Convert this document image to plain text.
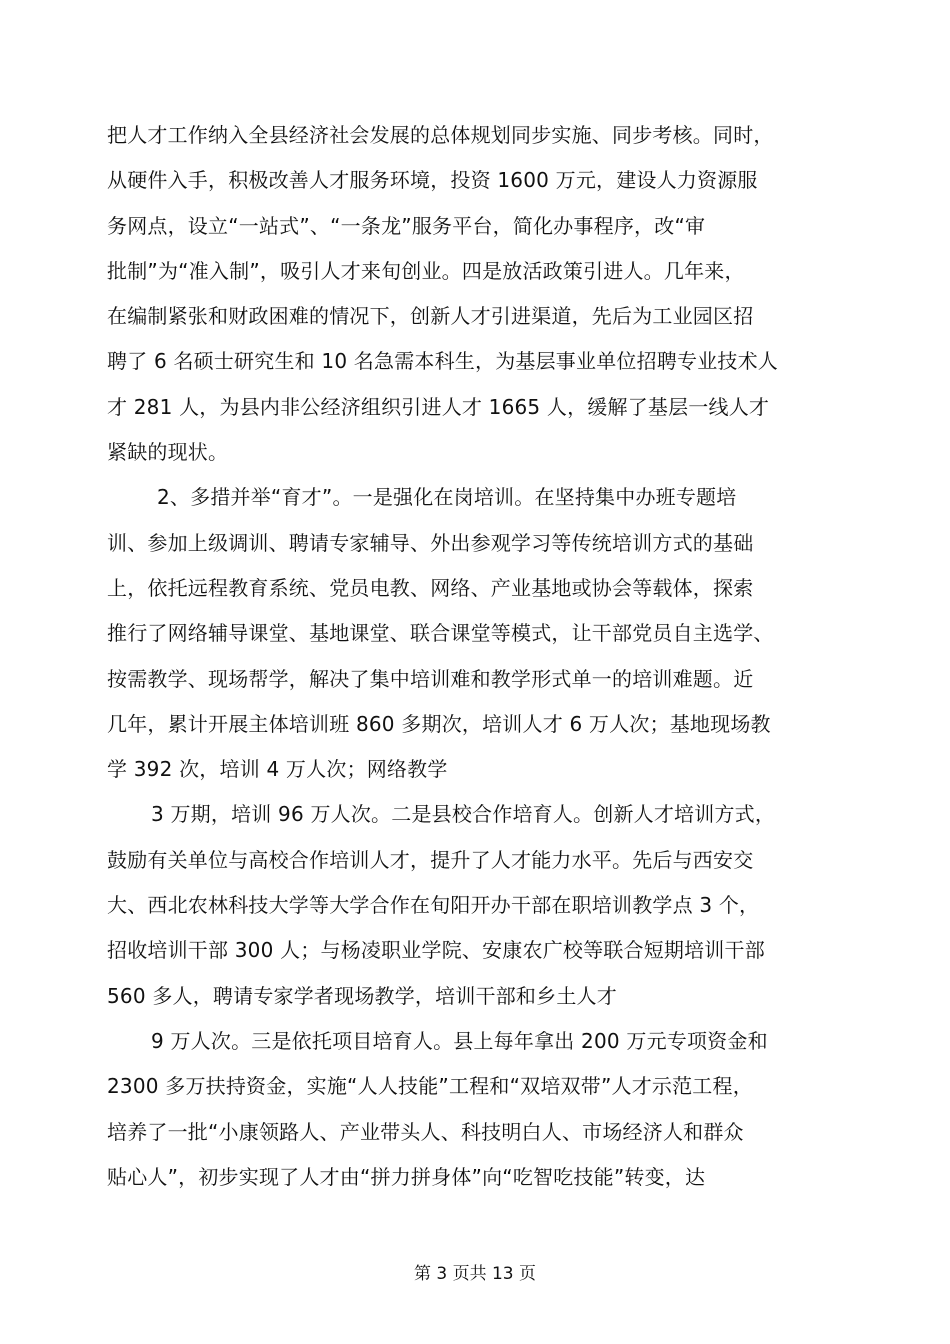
把人才工作纳入全县经济社会发展的总体规划同步实施、同步考核。同时，
从硬件入手，积极改善人才服务环境，投资 1600 万元，建设人力资源服
务网点，设立“一站式”、“一条龙”服务平台，简化办事程序，改“审
批制”为“准入制”，吸引人才来旬创业。四是放活政策引进人。几年来，
在编制紧张和财政困难的情况下，创新人才引进渠道，先后为工业园区招
聘了 6 名硕士研究生和 10 名急需本科生，为基层事业单位招聘专业技术人
才 281 人，为县内非公经济组织引进人才 1665 人，缓解了基层一线人才
紧缺的现状。
2、多措并举“育才”。一是强化在岗培训。在坚持集中办班专题培
训、参加上级调训、聘请专家辅导、外出参观学习等传统培训方式的基础
上，依托远程教育系统、党员电教、网络、产业基地或协会等载体，探索
推行了网络辅导课堂、基地课堂、联合课堂等模式，让干部党员自主选学、
按需教学、现场帮学，解决了集中培训难和教学形式单一的培训难题。近
几年，累计开展主体培训班 860 多期次，培训人才 6 万人次；基地现场教
学 392 次，培训 4 万人次；网络教学
3 万期，培训 96 万人次。二是县校合作培育人。创新人才培训方式，
鼓励有关单位与高校合作培训人才，提升了人才能力水平。先后与西安交
大、西北农林科技大学等大学合作在旬阳开办干部在职培训教学点 3 个，
招收培训干部 300 人；与杨凌职业学院、安康农广校等联合短期培训干部
560 多人，聘请专家学者现场教学，培训干部和乡土人才
9 万人次。三是依托项目培育人。县上每年拿出 200 万元专项资金和
2300 多万扶持资金，实施“人人技能”工程和“双培双带”人才示范工程，
培养了一批“小康领路人、产业带头人、科技明白人、市场经济人和群众
贴心人”，初步实现了人才由“拼力拼身体”向“吃智吃技能”转变，达
第 3 页共 13 页
